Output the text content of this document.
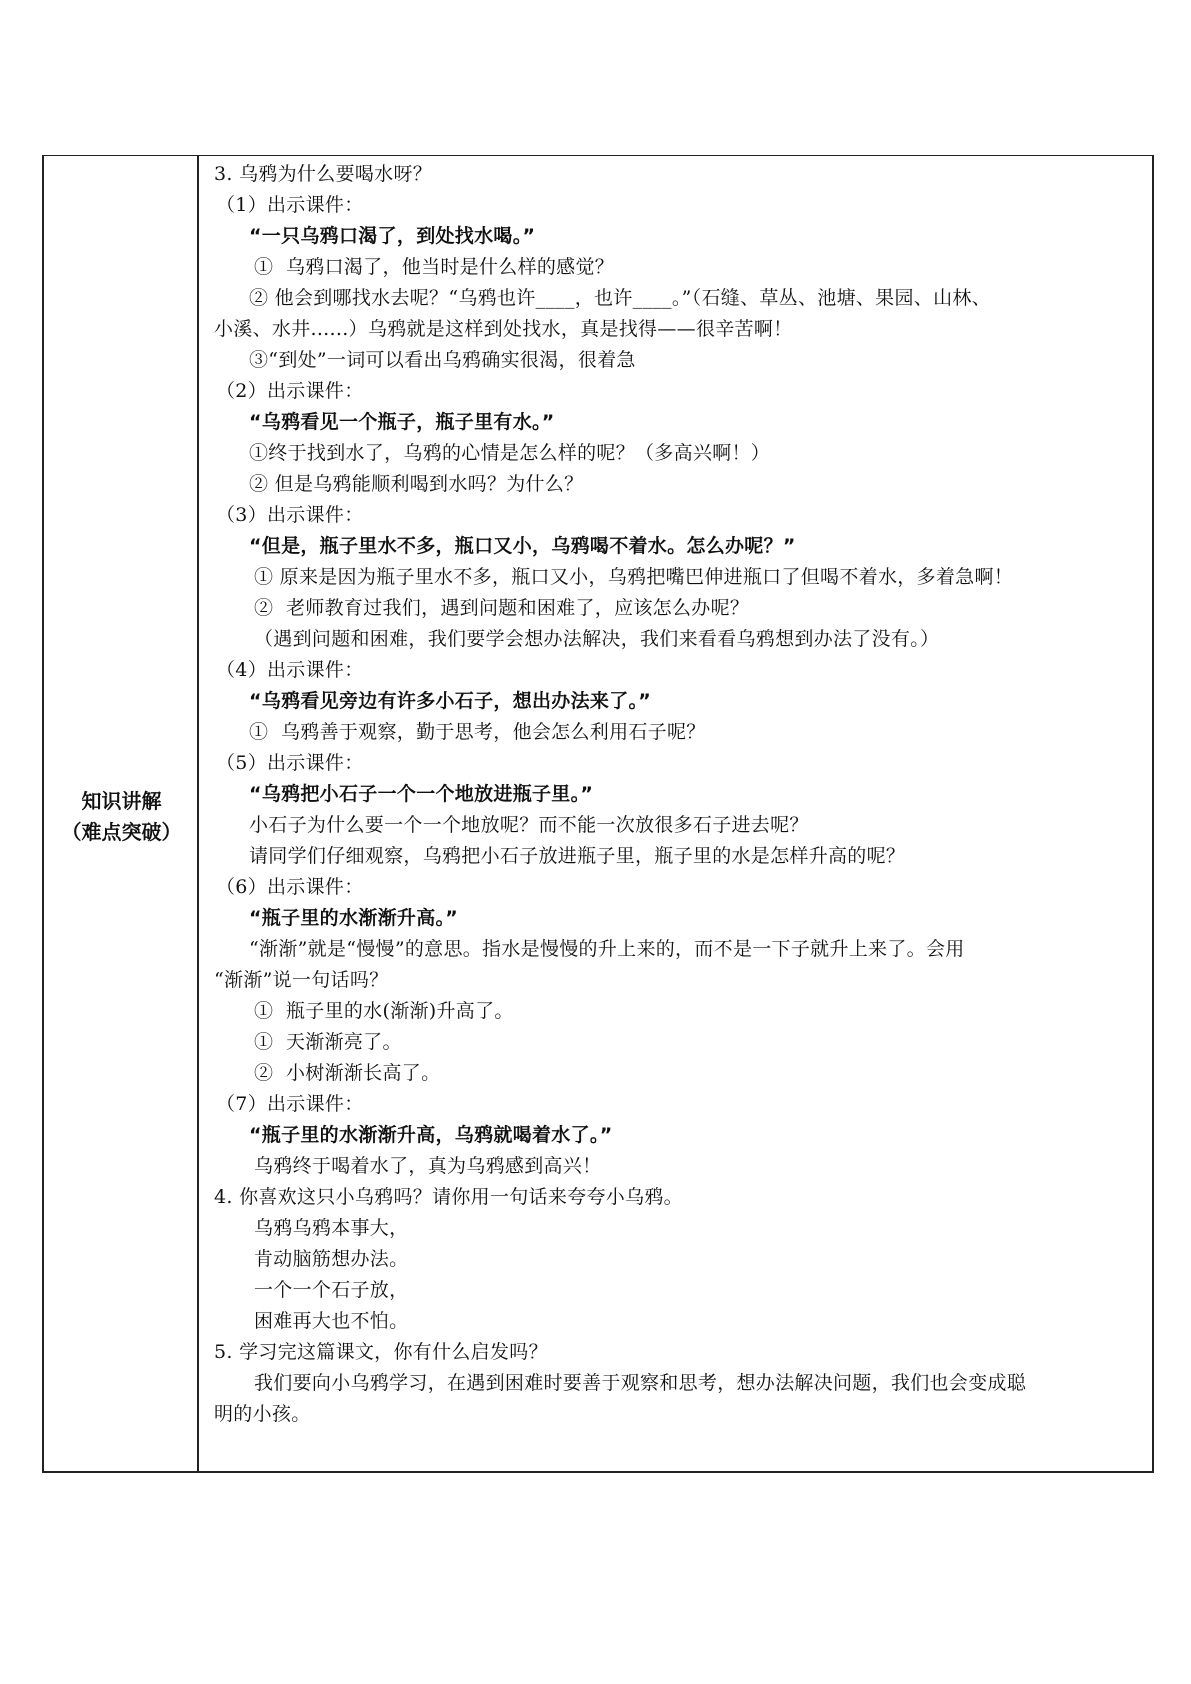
知识讲解
（难点突破）
3. 乌鸦为什么要喝水呀？
（1）出示课件：
“一只乌鸦口渴了，到处找水喝。”
①  乌鸦口渴了，他当时是什么样的感觉？
② 他会到哪找水去呢？“乌鸦也许____，也许____。”（石缝、草丛、池塘、果园、山林、
小溪、水井......）乌鸦就是这样到处找水，真是找得——很辛苦啊！
③“到处”一词可以看出乌鸦确实很渴，很着急
（2）出示课件：
“乌鸦看见一个瓶子，瓶子里有水。”
①终于找到水了，乌鸦的心情是怎么样的呢？（多高兴啊！）
② 但是乌鸦能顺利喝到水吗？为什么？
（3）出示课件：
“但是，瓶子里水不多，瓶口又小，乌鸦喝不着水。怎么办呢？”
① 原来是因为瓶子里水不多，瓶口又小，乌鸦把嘴巴伸进瓶口了但喝不着水，多着急啊！
②  老师教育过我们，遇到问题和困难了，应该怎么办呢？
（遇到问题和困难，我们要学会想办法解决，我们来看看乌鸦想到办法了没有。）
（4）出示课件：
“乌鸦看见旁边有许多小石子，想出办法来了。”
①  乌鸦善于观察，勤于思考，他会怎么利用石子呢？
（5）出示课件：
“乌鸦把小石子一个一个地放进瓶子里。”
小石子为什么要一个一个地放呢？而不能一次放很多石子进去呢？
请同学们仔细观察，乌鸦把小石子放进瓶子里，瓶子里的水是怎样升高的呢？
（6）出示课件：
“瓶子里的水渐渐升高。”
“渐渐”就是“慢慢”的意思。指水是慢慢的升上来的，而不是一下子就升上来了。会用
“渐渐”说一句话吗？
①  瓶子里的水(渐渐)升高了。
①  天渐渐亮了。
②  小树渐渐长高了。
（7）出示课件：
“瓶子里的水渐渐升高，乌鸦就喝着水了。”
乌鸦终于喝着水了，真为乌鸦感到高兴！
4. 你喜欢这只小乌鸦吗？请你用一句话来夸夸小乌鸦。
乌鸦乌鸦本事大，
肯动脑筋想办法。
一个一个石子放，
困难再大也不怕。
5. 学习完这篇课文，你有什么启发吗？
我们要向小乌鸦学习，在遇到困难时要善于观察和思考，想办法解决问题，我们也会变成聪
明的小孩。
